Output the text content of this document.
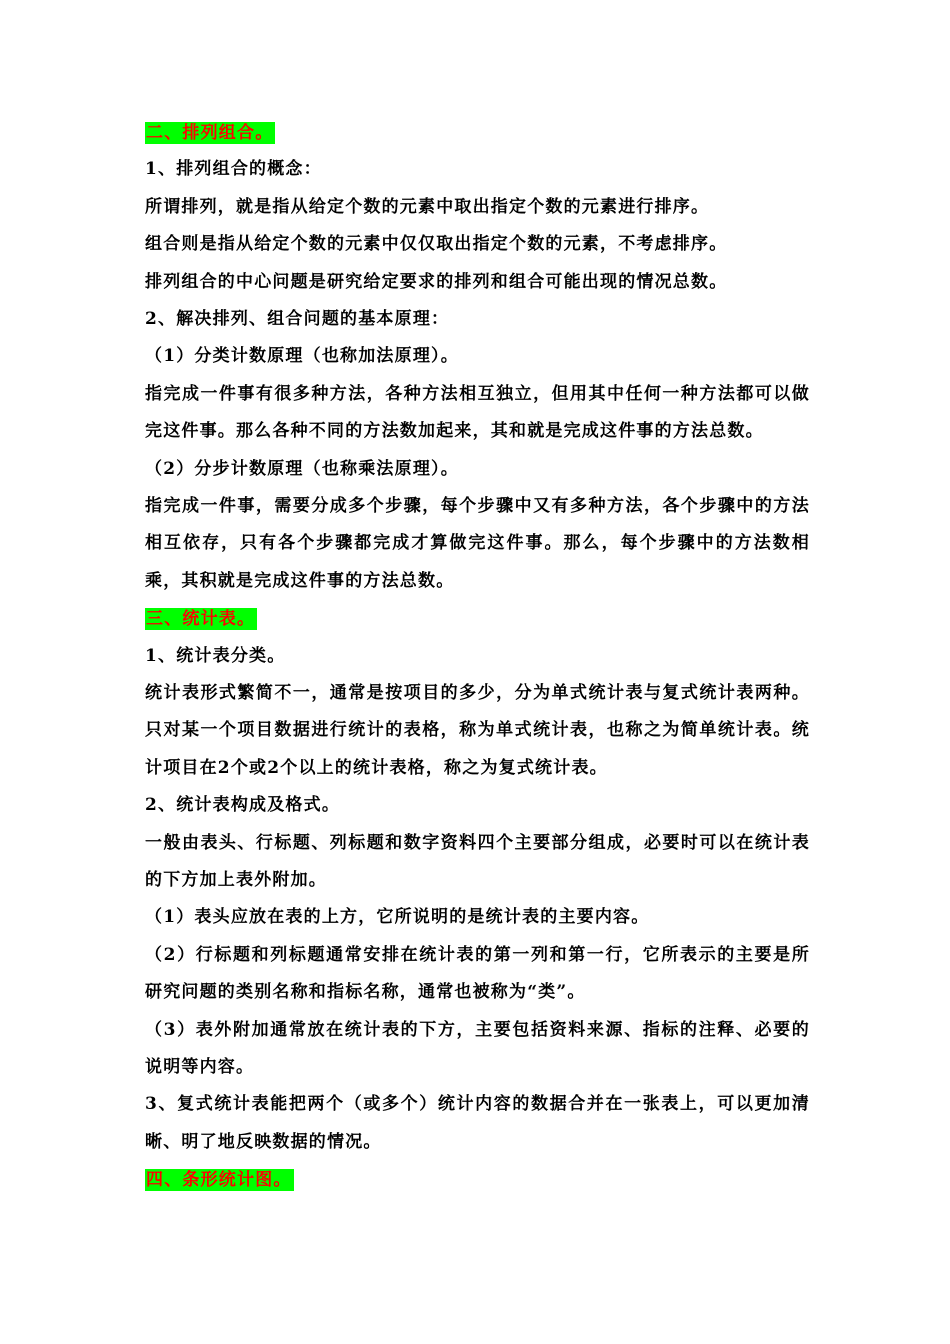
二、排列组合。
1、排列组合的概念：
所谓排列，就是指从给定个数的元素中取出指定个数的元素进行排序。
组合则是指从给定个数的元素中仅仅取出指定个数的元素，不考虑排序。
排列组合的中心问题是研究给定要求的排列和组合可能出现的情况总数。
2、解决排列、组合问题的基本原理：
（1）分类计数原理（也称加法原理）。
指完成一件事有很多种方法，各种方法相互独立，但用其中任何一种方法都可以做完这件事。那么各种不同的方法数加起来，其和就是完成这件事的方法总数。
（2）分步计数原理（也称乘法原理）。
指完成一件事，需要分成多个步骤，每个步骤中又有多种方法，各个步骤中的方法相互依存，只有各个步骤都完成才算做完这件事。那么，每个步骤中的方法数相乘，其积就是完成这件事的方法总数。
三、统计表。
1、统计表分类。
统计表形式繁简不一，通常是按项目的多少，分为单式统计表与复式统计表两种。只对某一个项目数据进行统计的表格，称为单式统计表，也称之为简单统计表。统计项目在2个或2个以上的统计表格，称之为复式统计表。
2、统计表构成及格式。
一般由表头、行标题、列标题和数字资料四个主要部分组成，必要时可以在统计表的下方加上表外附加。
（1）表头应放在表的上方，它所说明的是统计表的主要内容。
（2）行标题和列标题通常安排在统计表的第一列和第一行，它所表示的主要是所研究问题的类别名称和指标名称，通常也被称为“类”。
（3）表外附加通常放在统计表的下方，主要包括资料来源、指标的注释、必要的说明等内容。
3、复式统计表能把两个（或多个）统计内容的数据合并在一张表上，可以更加清晰、明了地反映数据的情况。
四、条形统计图。
